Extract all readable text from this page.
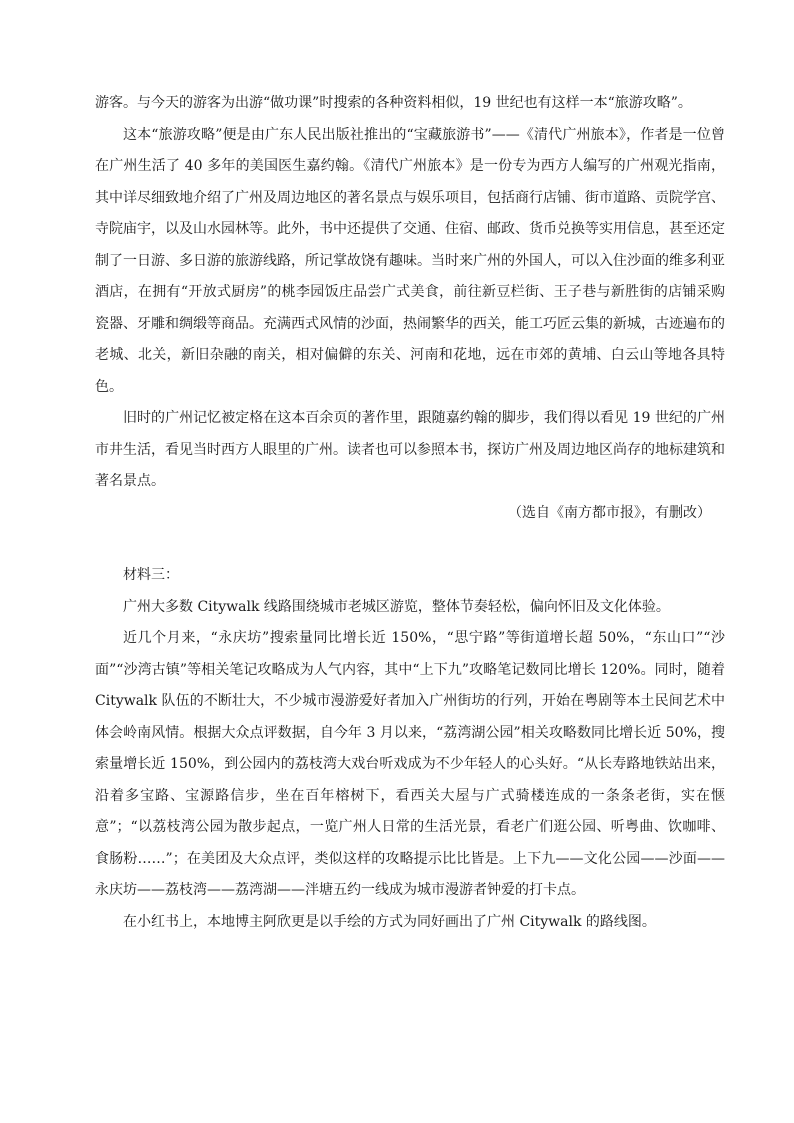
游客。与今天的游客为出游“做功课”时搜索的各种资料相似，19 世纪也有这样一本“旅游攻略”。

这本“旅游攻略”便是由广东人民出版社推出的“宝藏旅游书”——《清代广州旅本》，作者是一位曾在广州生活了 40 多年的美国医生嘉约翰。《清代广州旅本》是一份专为西方人编写的广州观光指南，其中详尽细致地介绍了广州及周边地区的著名景点与娱乐项目，包括商行店铺、街市道路、贡院学宫、寺院庙宇，以及山水园林等。此外，书中还提供了交通、住宿、邮政、货币兑换等实用信息，甚至还定制了一日游、多日游的旅游线路，所记掌故饶有趣味。当时来广州的外国人，可以入住沙面的维多利亚酒店，在拥有“开放式厨房”的桃李园饭庄品尝广式美食，前往新豆栏街、王子巷与新胜街的店铺采购瓷器、牙雕和绸缎等商品。充满西式风情的沙面，热闹繁华的西关，能工巧匠云集的新城，古迹遍布的老城、北关，新旧杂融的南关，相对偏僻的东关、河南和花地，远在市郊的黄埔、白云山等地各具特色。

旧时的广州记忆被定格在这本百余页的著作里，跟随嘉约翰的脚步，我们得以看见 19 世纪的广州市井生活，看见当时西方人眼里的广州。读者也可以参照本书，探访广州及周边地区尚存的地标建筑和著名景点。

（选自《南方都市报》，有删改）

材料三：

广州大多数 Citywalk 线路围绕城市老城区游览，整体节奏轻松，偏向怀旧及文化体验。

近几个月来，“永庆坊”搜索量同比增长近 150%，“思宁路”等街道增长超 50%，“东山口”“沙面”“沙湾古镇”等相关笔记攻略成为人气内容，其中“上下九”攻略笔记数同比增长 120%。同时，随着 Citywalk 队伍的不断壮大，不少城市漫游爱好者加入广州街坊的行列，开始在粤剧等本土民间艺术中体会岭南风情。根据大众点评数据，自今年 3 月以来，“荔湾湖公园”相关攻略数同比增长近 50%，搜索量增长近 150%，到公园内的荔枝湾大戏台听戏成为不少年轻人的心头好。“从长寿路地铁站出来，沿着多宝路、宝源路信步，坐在百年榕树下，看西关大屋与广式骑楼连成的一条条老街，实在惬意”；“以荔枝湾公园为散步起点，一览广州人日常的生活光景，看老广们逛公园、听粤曲、饮咖啡、食肠粉……”；在美团及大众点评，类似这样的攻略提示比比皆是。上下九——文化公园——沙面——永庆坊——荔枝湾——荔湾湖——泮塘五约一线成为城市漫游者钟爱的打卡点。

在小红书上，本地博主阿欣更是以手绘的方式为同好画出了广州 Citywalk 的路线图。
